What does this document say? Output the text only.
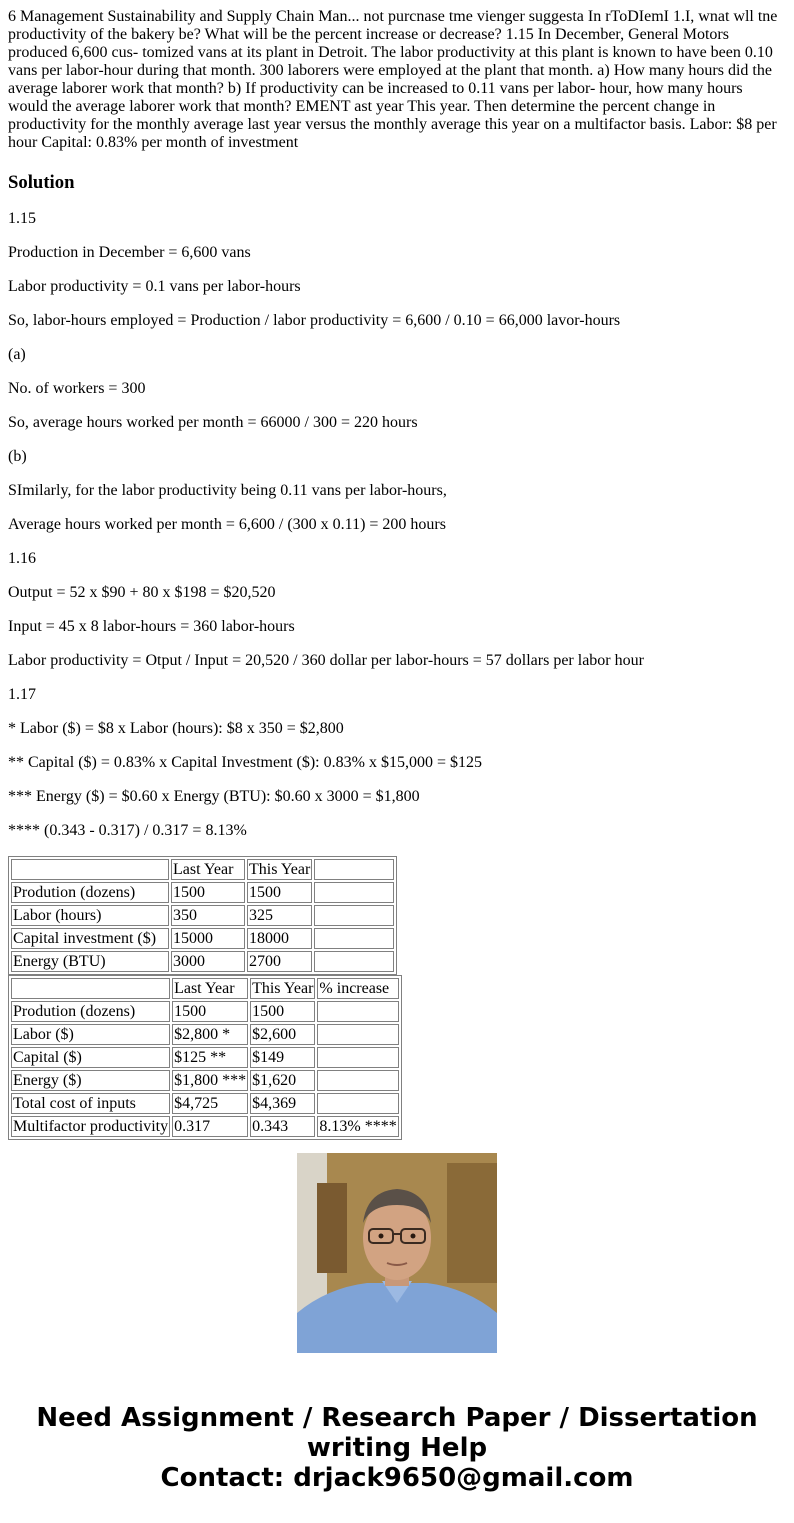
6 Management Sustainability and Supply Chain Man... not purcnase tme vienger suggesta In rToDIemI 1.I, wnat wll tne productivity of the bakery be? What will be the percent increase or decrease? 1.15 In December, General Motors produced 6,600 cus- tomized vans at its plant in Detroit. The labor productivity at this plant is known to have been 0.10 vans per labor-hour during that month. 300 laborers were employed at the plant that month. a) How many hours did the average laborer work that month? b) If productivity can be increased to 0.11 vans per labor- hour, how many hours would the average laborer work that month? EMENT ast year This year. Then determine the percent change in productivity for the monthly average last year versus the monthly average this year on a multifactor basis. Labor: $8 per hour Capital: 0.83% per month of investment

Solution

1.15

Production in December = 6,600 vans

Labor productivity = 0.1 vans per labor-hours

So, labor-hours employed = Production / labor productivity = 6,600 / 0.10 = 66,000 lavor-hours

(a)

No. of workers = 300

So, average hours worked per month = 66000 / 300 = 220 hours

(b)

SImilarly, for the labor productivity being 0.11 vans per labor-hours,

Average hours worked per month = 6,600 / (300 x 0.11) = 200 hours

1.16

Output = 52 x $90 + 80 x $198 = $20,520

Input = 45 x 8 labor-hours = 360 labor-hours

Labor productivity = Otput / Input = 20,520 / 360 dollar per labor-hours = 57 dollars per labor hour

1.17

* Labor ($) = $8 x Labor (hours): $8 x 350 = $2,800

** Capital ($) = 0.83% x Capital Investment ($): 0.83% x $15,000 = $125

*** Energy ($) = $0.60 x Energy (BTU): $0.60 x 3000 = $1,800

**** (0.343 - 0.317) / 0.317 = 8.13%

	Last Year	This Year	
Prodution (dozens)	1500	1500	
Labor (hours)	350	325	
Capital investment ($)	15000	18000	
Energy (BTU)	3000	2700	
	Last Year	This Year	% increase
Prodution (dozens)	1500	1500	
Labor ($)	$2,800 *	$2,600	
Capital ($)	$125 **	$149	
Energy ($)	$1,800 ***	$1,620	
Total cost of inputs	$4,725	$4,369	
Multifactor productivity	0.317	0.343	8.13% ****
Need Assignment / Research Paper / Dissertation
writing Help
Contact: drjack9650@gmail.com
